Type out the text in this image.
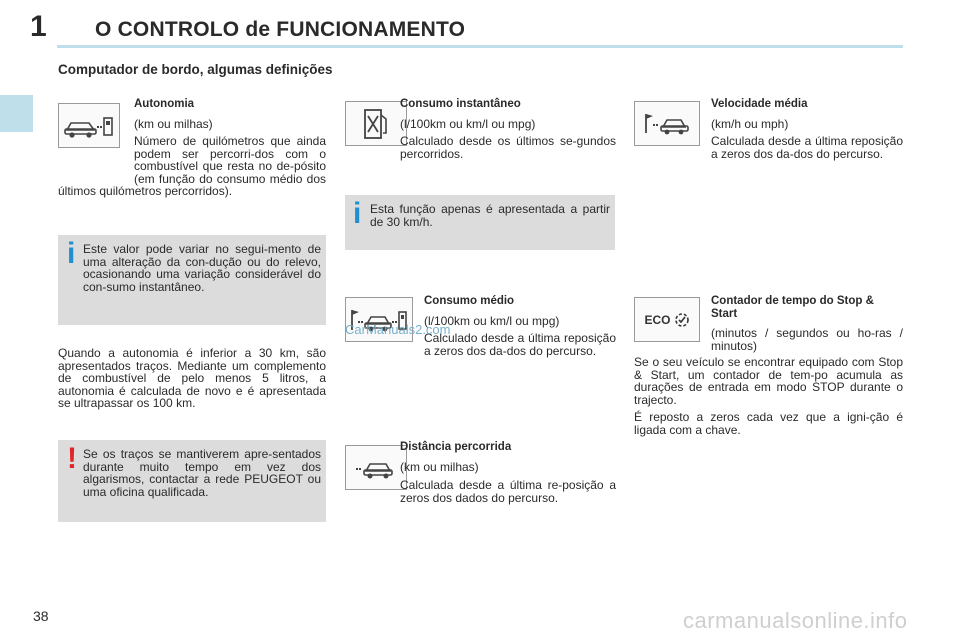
1 O CONTROLO de FUNCIONAMENTO
Computador de bordo, algumas definições
Autonomia
(km ou milhas)

Número de quilómetros que ainda podem ser percorri-dos com o combustível que resta no de-pósito (em função do consumo médio dos últimos quilómetros percorridos).

i Este valor pode variar no segui-mento de uma alteração da con-dução ou do relevo, ocasionando uma variação considerável do con-sumo instantâneo.

Quando a autonomia é inferior a 30 km, são apresentados traços. Mediante um complemento de combustível de pelo menos 5 litros, a autonomia é calculada de novo e é apresentada se ultrapassar os 100 km.

! Se os traços se mantiverem apre-sentados durante muito tempo em vez dos algarismos, contactar a rede PEUGEOT ou uma oficina qualificada.
Consumo instantâneo
(l/100km ou km/l ou mpg)

Calculado desde os últimos se-gundos percorridos.

i Esta função apenas é apresentada a partir de 30 km/h.
Consumo médio
(l/100km ou km/l ou mpg)

Calculado desde a última reposição a zeros dos da-dos do percurso.

Distância percorrida
(km ou milhas)

Calculada desde a última re-posição a zeros dos dados do percurso.

Velocidade média
(km/h ou mph)

Calculada desde a última reposição a zeros dos da-dos do percurso.

ECO
Contador de tempo do Stop & Start

(minutos / segundos ou ho-ras / minutos)

Se o seu veículo se encontrar equipado com Stop & Start, um contador de tem-po acumula as durações de entrada em modo STOP durante o trajecto.

É reposto a zeros cada vez que a igni-ção é ligada com a chave.

38
CarManuals2.com
carmanualsonline.info
